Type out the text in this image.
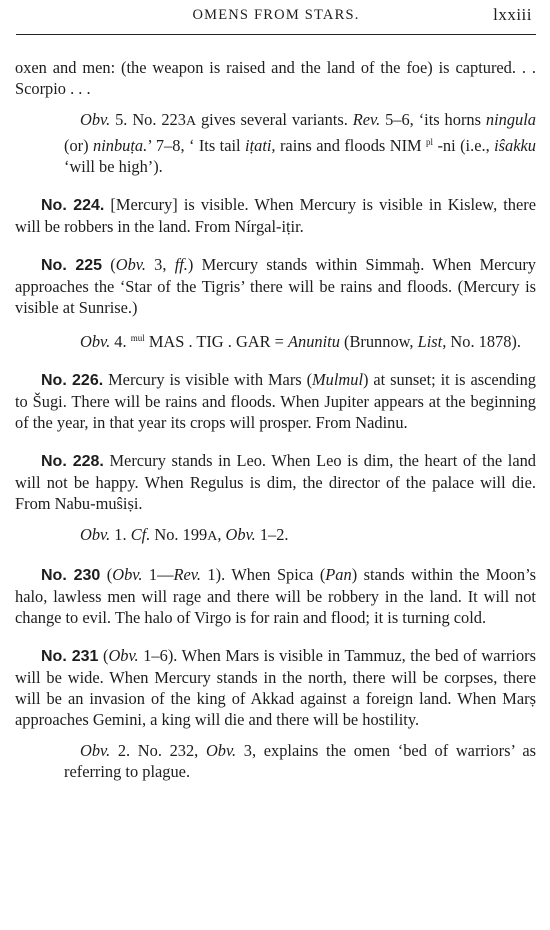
OMENS FROM STARS.	lxxiii

oxen and men: (the weapon is raised and the land of the foe) is captured. . . Scorpio . . .

Obv. 5. No. 223A gives several variants. Rev. 5–6, ‘its horns ningula (or) ninbuṭa.’ 7–8, ‘ Its tail iṭati, rains and floods NIM $^{pl}$ -ni (i.e., iŝakku ‘will be high’).

No. 224. [Mercury] is visible. When Mercury is visible in Kislew, there will be robbers in the land. From Nírgal-iṭir.

No. 225 (Obv. 3, ff.) Mercury stands within Simmaḫ. When Mercury approaches the ‘Star of the Tigris’ there will be rains and floods. (Mercury is visible at Sunrise.)

Obv. 4. $^{mul}$ MAS . TIG . GAR = Anunitu (Brunnow, List, No. 1878).

No. 226. Mercury is visible with Mars (Mulmul) at sunset; it is ascending to Šugi. There will be rains and floods. When Jupiter appears at the beginning of the year, in that year its crops will prosper. From Nadinu.

No. 228. Mercury stands in Leo. When Leo is dim, the heart of the land will not be happy. When Regulus is dim, the director of the palace will die. From Nabu-muŝiṣi.

Obv. 1. Cf. No. 199A, Obv. 1–2.

No. 230 (Obv. 1—Rev. 1). When Spica (Pan) stands within the Moon’s halo, lawless men will rage and there will be robbery in the land. It will not change to evil. The halo of Virgo is for rain and flood; it is turning cold.

No. 231 (Obv. 1–6). When Mars is visible in Tammuz, the bed of warriors will be wide. When Mercury stands in the north, there will be corpses, there will be an invasion of the king of Akkad against a foreign land. When Marṣ approaches Gemini, a king will die and there will be hostility.

Obv. 2. No. 232, Obv. 3, explains the omen ‘bed of warriors’ as referring to plague.
